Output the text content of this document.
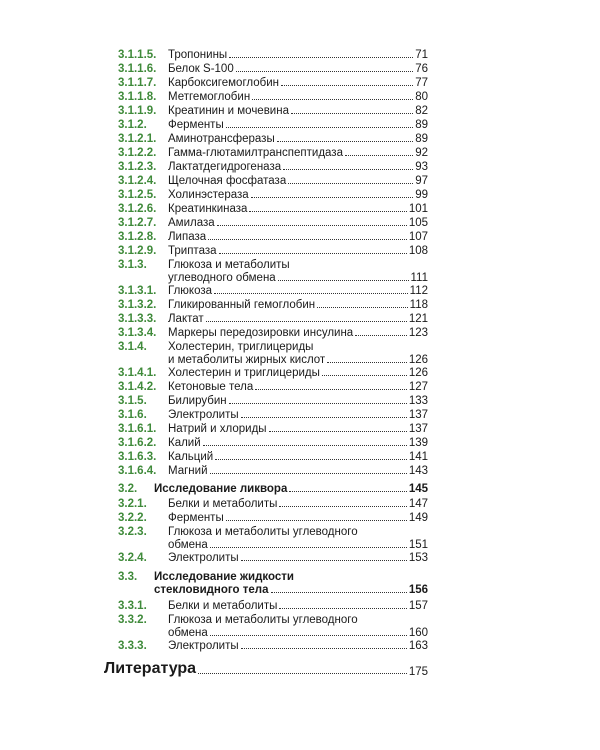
3.1.1.5. Тропонины	71
3.1.1.6. Белок S-100	76
3.1.1.7. Карбоксигемоглобин	77
3.1.1.8. Метгемоглобин	80
3.1.1.9. Креатинин и мочевина	82
3.1.2. Ферменты	89
3.1.2.1. Аминотрансферазы	89
3.1.2.2. Гамма-глютамилтранспептидаза	92
3.1.2.3. Лактатдегидрогеназа	93
3.1.2.4. Щелочная фосфатаза	97
3.1.2.5. Холинэстераза	99
3.1.2.6. Креатинкиназа	101
3.1.2.7. Амилаза	105
3.1.2.8. Липаза	107
3.1.2.9. Триптаза	108
3.1.3. Глюкоза и метаболиты
углеводного обмена	111
3.1.3.1. Глюкоза	112
3.1.3.2. Гликированный гемоглобин	118
3.1.3.3. Лактат	121
3.1.3.4. Маркеры передозировки инсулина	123
3.1.4. Холестерин, триглицериды
и метаболиты жирных кислот	126
3.1.4.1. Холестерин и триглицериды	126
3.1.4.2. Кетоновые тела	127
3.1.5. Билирубин	133
3.1.6. Электролиты	137
3.1.6.1. Натрий и хлориды	137
3.1.6.2. Калий	139
3.1.6.3. Кальций	141
3.1.6.4. Магний	143
3.2. Исследование ликвора	145
3.2.1. Белки и метаболиты	147
3.2.2. Ферменты	149
3.2.3. Глюкоза и метаболиты углеводного
обмена	151
3.2.4. Электролиты	153
3.3. Исследование жидкости
стекловидного тела	156
3.3.1. Белки и метаболиты	157
3.3.2. Глюкоза и метаболиты углеводного
обмена	160
3.3.3. Электролиты	163
Литература	175
